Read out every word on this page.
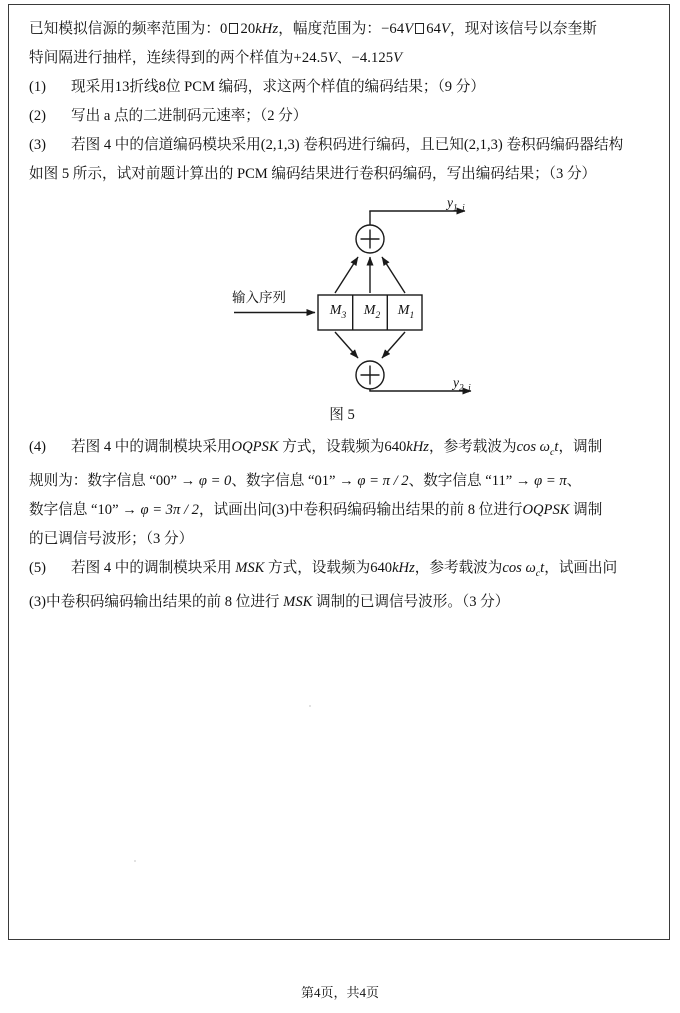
已知模拟信源的频率范围为：0 20kHz，幅度范围为：−64V 64V，现对该信号以奈奎斯

特间隔进行抽样，连续得到的两个样值为+24.5V、−4.125V

(1) 现采用13折线8位 PCM 编码，求这两个样值的编码结果；（9 分）

(2) 写出 a 点的二进制码元速率；（2 分）

(3) 若图 4 中的信道编码模块采用(2,1,3) 卷积码进行编码，且已知(2,1,3) 卷积码编码器结构

如图 5 所示，试对前题计算出的 PCM 编码结果进行卷积码编码，写出编码结果；（3 分）

$M_3$	$M_2$	$M_1$
输入序列
$y_{1, j}$
$y_{2, j}$
图 5

(4) 若图 4 中的调制模块采用OQPSK 方式，设载频为640kHz，参考载波为$\cos \omega_ct$，调制

规则为：数字信息 “00” → φ = 0、数字信息 “01” → φ = π / 2、数字信息 “11” → φ = π、

数字信息 “10” → φ = 3π / 2，试画出问(3)中卷积码编码输出结果的前 8 位进行OQPSK 调制

的已调信号波形；（3 分）

(5) 若图 4 中的调制模块采用 MSK 方式，设载频为640kHz，参考载波为$\cos \omega_ct$，试画出问

(3)中卷积码编码输出结果的前 8 位进行 MSK 调制的已调信号波形。（3 分）

第4页，共4页
